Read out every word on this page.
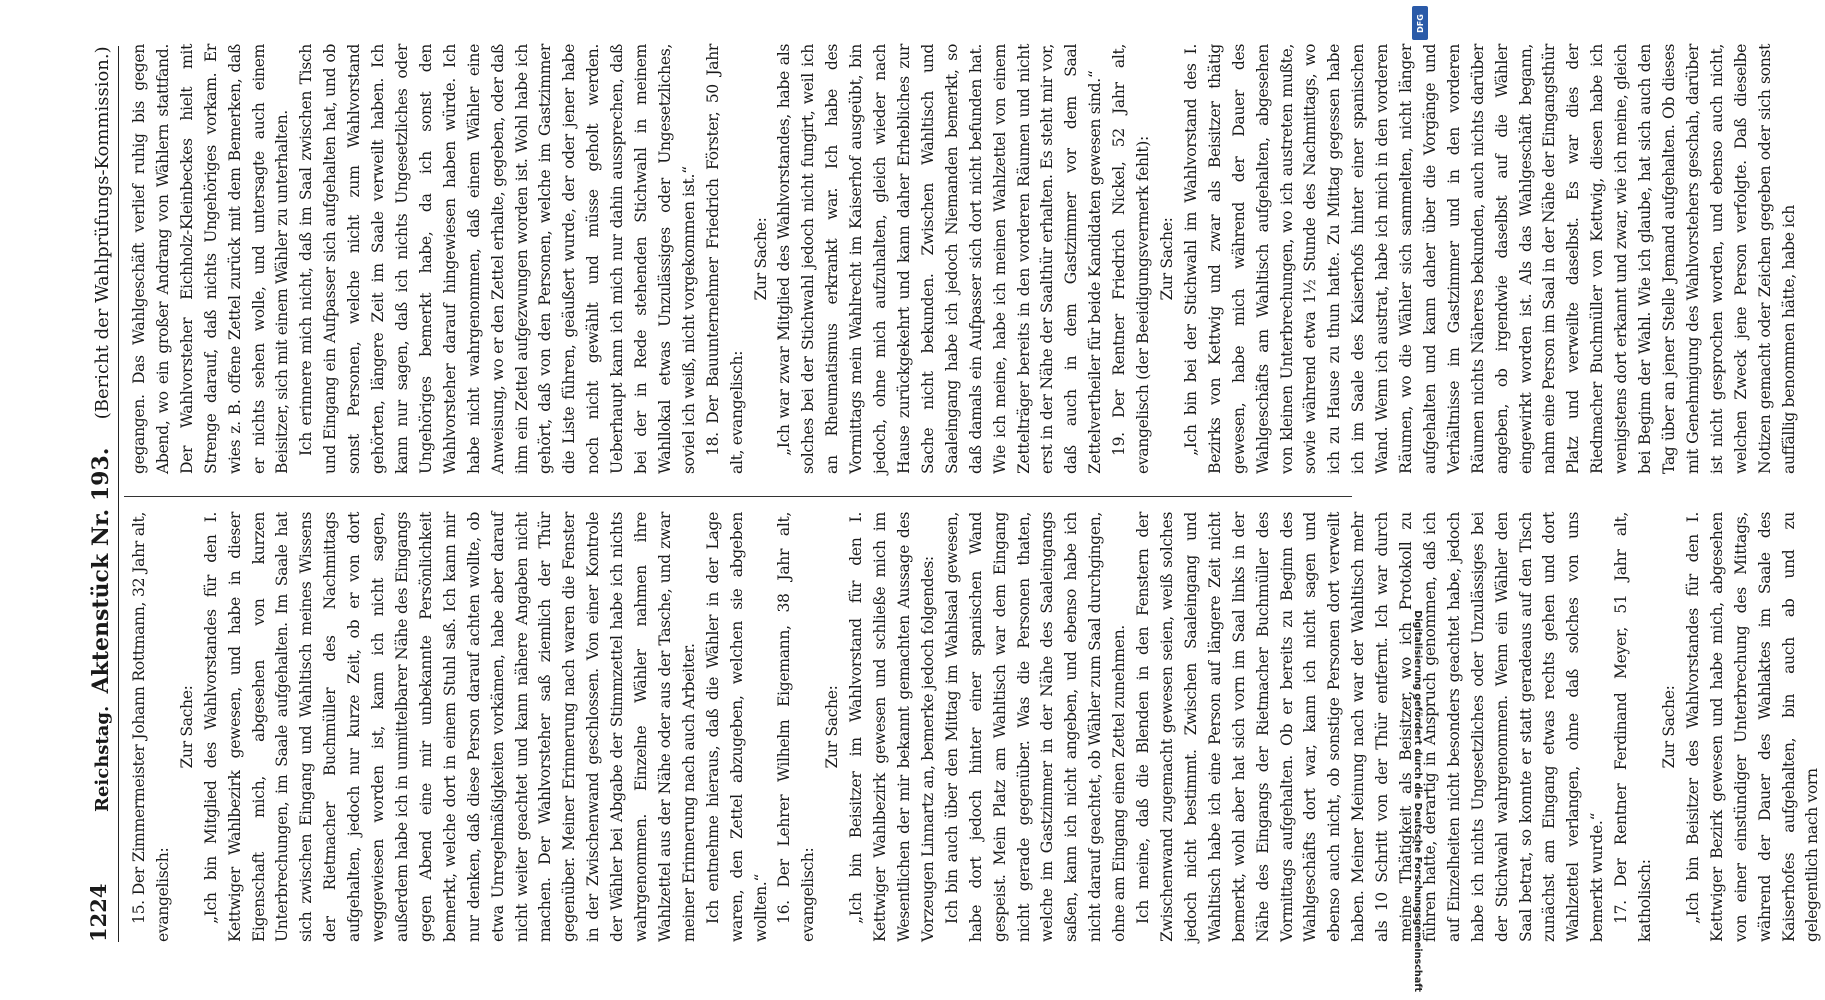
1224
Reichstag. Aktenstück Nr. 193. (Bericht der Wahlprüfungs-Kommission.)

15. Der Zimmermeister Johann Rottmann, 32 Jahr alt, evangelisch:

Zur Sache: „Ich bin Mitglied des Wahlvorstandes für den I. Kettwiger Wahlbezirk gewesen, und habe in dieser Eigenschaft mich, abgesehen von kurzen Unterbrechungen, im Saale aufgehalten. Im Saale hat sich zwischen Eingang und Wahltisch meines Wissens der Rietmacher Buchmüller des Nachmittags aufgehalten, jedoch nur kurze Zeit, ob er von dort weggewiesen worden ist, kann ich nicht sagen, außerdem habe ich in unmittelbarer Nähe des Eingangs gegen Abend eine mir unbekannte Persönlichkeit bemerkt, welche dort in einem Stuhl saß. Ich kann mir nur denken, daß diese Person darauf achten wollte, ob etwa Unregelmäßigkeiten vorkämen, habe aber darauf nicht weiter geachtet und kann nähere Angaben nicht machen. Der Wahlvorsteher saß ziemlich der Thür gegenüber. Meiner Erinnerung nach waren die Fenster in der Zwischenwand geschlossen. Von einer Kontrole der Wähler bei Abgabe der Stimmzettel habe ich nichts wahrgenommen. Einzelne Wähler nahmen ihre Wahlzettel aus der Nähe oder aus der Tasche, und zwar meiner Erinnerung nach auch Arbeiter. Ich entnehme hieraus, daß die Wähler in der Lage waren, den Zettel abzugeben, welchen sie abgeben wollten.“ 16. Der Lehrer Wilhelm Eigemann, 38 Jahr alt, evangelisch:

Zur Sache: „Ich bin Beisitzer im Wahlvorstand für den I. Kettwiger Wahlbezirk gewesen und schließe mich im Wesentlichen der mir bekannt gemachten Aussage des Vorzeugen Linnartz an, bemerke jedoch folgendes: Ich bin auch über den Mittag im Wahlsaal gewesen, habe dort jedoch hinter einer spanischen Wand gespeist. Mein Platz am Wahltisch war dem Eingang nicht gerade gegenüber. Was die Personen thaten, welche im Gastzimmer in der Nähe des Saaleingangs saßen, kann ich nicht angeben, und ebenso habe ich nicht darauf geachtet, ob Wähler zum Saal durchgingen, ohne am Eingang einen Zettel zunehmen. Ich meine, daß die Blenden in den Fenstern der Zwischenwand zugemacht gewesen seien, weiß solches jedoch nicht bestimmt. Zwischen Saaleingang und Wahltisch habe ich eine Person auf längere Zeit nicht bemerkt, wohl aber hat sich vorn im Saal links in der Nähe des Eingangs der Rietmacher Buchmüller des Vormittags aufgehalten. Ob er bereits zu Beginn des Wahlgeschäfts dort war, kann ich nicht sagen und ebenso auch nicht, ob sonstige Personen dort verweilt haben. Meiner Meinung nach war der Wahltisch mehr als 10 Schritt von der Thür entfernt. Ich war durch meine Thätigkeit als Beisitzer, wo ich Protokoll zu führen hatte, derartig in Anspruch genommen, daß ich auf Einzelheiten nicht besonders geachtet habe, jedoch habe ich nichts Ungesetzliches oder Unzulässiges bei der Stichwahl wahrgenommen. Wenn ein Wähler den Saal betrat, so konnte er statt geradeaus auf den Tisch zunächst am Eingang etwas rechts gehen und dort Wahlzettel verlangen, ohne daß solches von uns bemerkt wurde.“ 17. Der Rentner Ferdinand Meyer, 51 Jahr alt, katholisch:

Zur Sache: „Ich bin Beisitzer des Wahlvorstandes für den I. Kettwiger Bezirk gewesen und habe mich, abgesehen von einer einstündiger Unterbrechung des Mittags, während der Dauer des Wahlaktes im Saale des Kaiserhofes aufgehalten, bin auch ab und zu gelegentlich nach vorn

gegangen. Das Wahlgeschäft verlief ruhig bis gegen Abend, wo ein großer Andrang von Wählern stattfand. Der Wahlvorsteher Eichholz-Kleinbeckes hielt mit Strenge darauf, daß nichts Ungehöriges vorkam. Er wies z. B. offene Zettel zurück mit dem Bemerken, daß er nichts sehen wolle, und untersagte auch einem Beisitzer, sich mit einem Wähler zu unterhalten. Ich erinnere mich nicht, daß im Saal zwischen Tisch und Eingang ein Aufpasser sich aufgehalten hat, und ob sonst Personen, welche nicht zum Wahlvorstand gehörten, längere Zeit im Saale verweilt haben. Ich kann nur sagen, daß ich nichts Ungesetzliches oder Ungehöriges bemerkt habe, da ich sonst den Wahlvorsteher darauf hingewiesen haben würde. Ich habe nicht wahrgenommen, daß einem Wähler eine Anweisung, wo er den Zettel erhalte, gegeben, oder daß ihm ein Zettel aufgezwungen worden ist. Wohl habe ich gehört, daß von den Personen, welche im Gastzimmer die Liste führen, geäußert wurde, der oder jener habe noch nicht gewählt und müsse geholt werden. Ueberhaupt kann ich mich nur dahin aussprechen, daß bei der in Rede stehenden Stichwahl in meinem Wahllokal etwas Unzulässiges oder Ungesetzliches, soviel ich weiß, nicht vorgekommen ist.“ 18. Der Bauunternehmer Friedrich Förster, 50 Jahr alt, evangelisch:

Zur Sache: „Ich war zwar Mitglied des Wahlvorstandes, habe als solches bei der Stichwahl jedoch nicht fungirt, weil ich an Rheumatismus erkrankt war. Ich habe des Vormittags mein Wahlrecht im Kaiserhof ausgeübt, bin jedoch, ohne mich aufzuhalten, gleich wieder nach Hause zurückgekehrt und kann daher Erhebliches zur Sache nicht bekunden. Zwischen Wahltisch und Saaleingang habe ich jedoch Niemanden bemerkt, so daß damals ein Aufpasser sich dort nicht befunden hat. Wie ich meine, habe ich meinen Wahlzettel von einem Zettelträger bereits in den vorderen Räumen und nicht erst in der Nähe der Saalthür erhalten. Es steht mir vor, daß auch in dem Gastzimmer vor dem Saal Zettelvertheiler für beide Kandidaten gewesen sind.“ 19. Der Rentner Friedrich Nickel, 52 Jahr alt, evangelisch (der Beeidigungsvermerk fehlt): Zur Sache: „Ich bin bei der Stichwahl im Wahlvorstand des I. Bezirks von Kettwig und zwar als Beisitzer thätig gewesen, habe mich während der Dauer des Wahlgeschäfts am Wahltisch aufgehalten, abgesehen von kleinen Unterbrechungen, wo ich austreten mußte, sowie während etwa 1½ Stunde des Nachmittags, wo ich zu Hause zu thun hatte. Zu Mittag gegessen habe ich im Saale des Kaiserhofs hinter einer spanischen Wand. Wenn ich austrat, habe ich mich in den vorderen Räumen, wo die Wähler sich sammelten, nicht länger aufgehalten und kann daher über die Vorgänge und Verhältnisse im Gastzimmer und in den vorderen Räumen nichts Näheres bekunden, auch nichts darüber angeben, ob irgendwie daselbst auf die Wähler eingewirkt worden ist. Als das Wahlgeschäft begann, nahm eine Person im Saal in der Nähe der Eingangsthür Platz und verweilte daselbst. Es war dies der Riedmacher Buchmüller von Kettwig, diesen habe ich wenigstens dort erkannt und zwar, wie ich meine, gleich bei Beginn der Wahl. Wie ich glaube, hat sich auch den Tag über an jener Stelle Jemand aufgehalten. Ob dieses mit Genehmigung des Wahlvorstehers geschah, darüber ist nicht gesprochen worden, und ebenso auch nicht, welchen Zweck jene Person verfolgte. Daß dieselbe Notizen gemacht oder Zeichen gegeben oder sich sonst auffällig benommen hätte, habe ich

Digitalisierung gefördert durch die Deutsche Forschungsgemeinschaft
DFG
